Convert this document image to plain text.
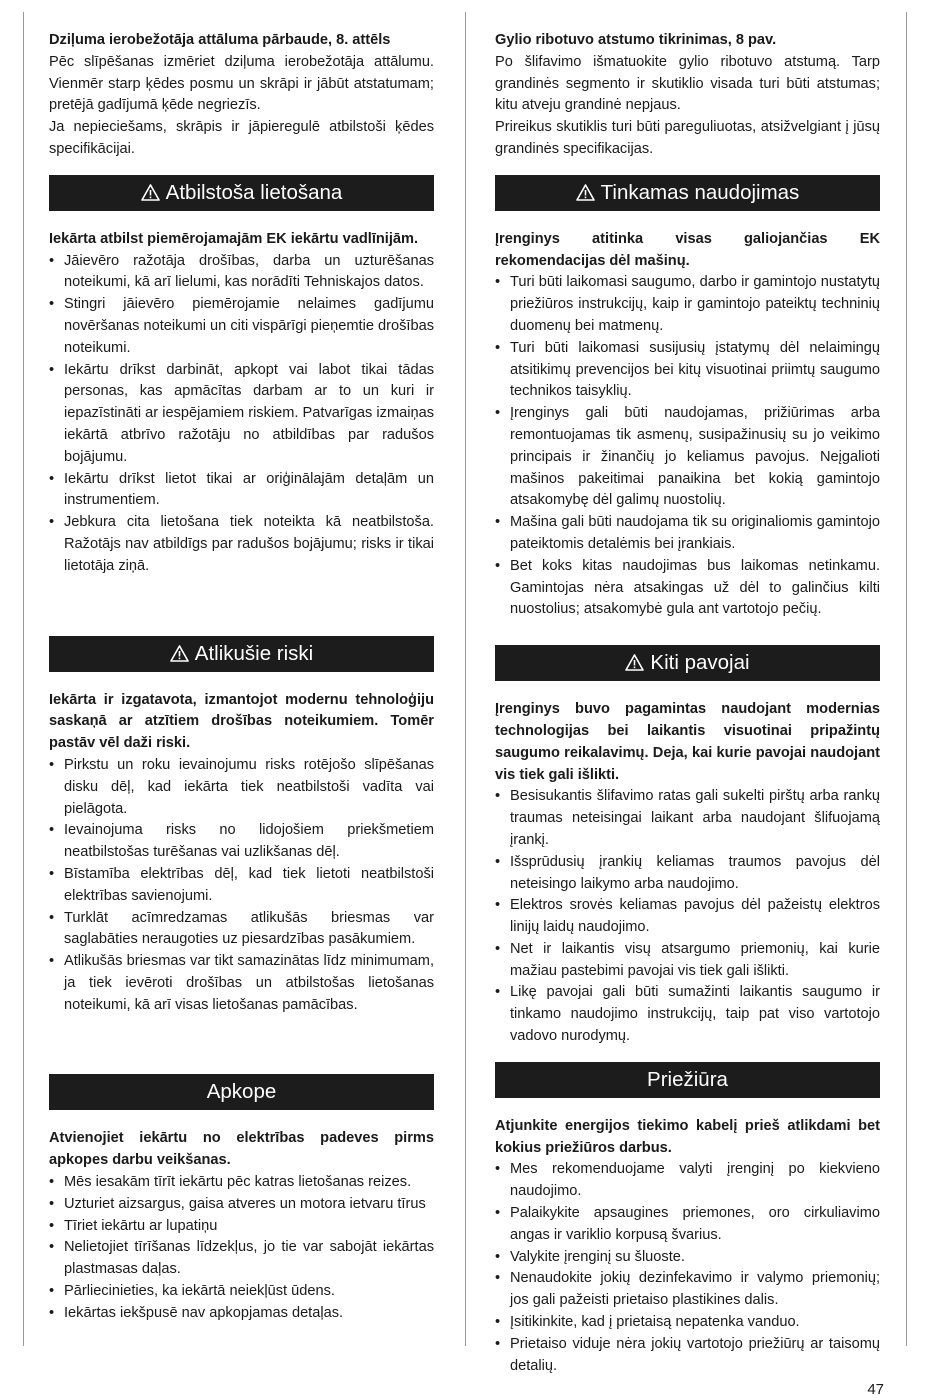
Dziļuma ierobežotāja attāluma pārbaude, 8. attēls

Pēc slīpēšanas izmēriet dziļuma ierobežotāja attālumu. Vienmēr starp ķēdes posmu un skrāpi ir jābūt atstatumam; pretējā gadījumā ķēde negriezīs.

Ja nepieciešams, skrāpis ir jāpieregulē atbilstoši ķēdes specifikācijai.

Atbilstoša lietošana

Iekārta atbilst piemērojamajām EK iekārtu vadlīnijām.

• Jāievēro ražotāja drošības, darba un uzturēšanas noteikumi, kā arī lielumi, kas norādīti Tehniskajos datos.
• Stingri jāievēro piemērojamie nelaimes gadījumu novēršanas noteikumi un citi vispārīgi pieņemtie drošības noteikumi.
• Iekārtu drīkst darbināt, apkopt vai labot tikai tādas personas, kas apmācītas darbam ar to un kuri ir iepazīstināti ar iespējamiem riskiem. Patvarīgas izmaiņas iekārtā atbrīvo ražotāju no atbildības par radušos bojājumu.
• Iekārtu drīkst lietot tikai ar oriģinālajām detaļām un instrumentiem.
• Jebkura cita lietošana tiek noteikta kā neatbilstoša. Ražotājs nav atbildīgs par radušos bojājumu; risks ir tikai lietotāja ziņā.
Atlikušie riski

Iekārta ir izgatavota, izmantojot modernu tehnoloģiju saskaņā ar atzītiem drošības noteikumiem. Tomēr pastāv vēl daži riski.

• Pirkstu un roku ievainojumu risks rotējošo slīpēšanas disku dēļ, kad iekārta tiek neatbilstoši vadīta vai pielāgota.
• Ievainojuma risks no lidojošiem priekšmetiem neatbilstošas turēšanas vai uzlikšanas dēļ.
• Bīstamība elektrības dēļ, kad tiek lietoti neatbilstoši elektrības savienojumi.
• Turklāt acīmredzamas atlikušās briesmas var saglabāties neraugoties uz piesardzības pasākumiem.
• Atlikušās briesmas var tikt samazinātas līdz minimumam, ja tiek ievēroti drošības un atbilstošas lietošanas noteikumi, kā arī visas lietošanas pamācības.
Apkope

Atvienojiet iekārtu no elektrības padeves pirms apkopes darbu veikšanas.

• Mēs iesakām tīrīt iekārtu pēc katras lietošanas reizes.
• Uzturiet aizsargus, gaisa atveres un motora ietvaru tīrus
• Tīriet iekārtu ar lupatiņu
• Nelietojiet tīrīšanas līdzekļus, jo tie var sabojāt iekārtas plastmasas daļas.
• Pārliecinieties, ka iekārtā neiekļūst ūdens.
• Iekārtas iekšpusē nav apkopjamas detaļas.

Gylio ribotuvo atstumo tikrinimas, 8 pav.

Po šlifavimo išmatuokite gylio ribotuvo atstumą. Tarp grandinės segmento ir skutiklio visada turi būti atstumas; kitu atveju grandinė nepjaus.

Prireikus skutiklis turi būti pareguliuotas, atsižvelgiant į jūsų grandinės specifikacijas.

Tinkamas naudojimas

Įrenginys atitinka visas galiojančias EK rekomendacijas dėl mašinų.

• Turi būti laikomasi saugumo, darbo ir gamintojo nustatytų priežiūros instrukcijų, kaip ir gamintojo pateiktų techninių duomenų bei matmenų.
• Turi būti laikomasi susijusių įstatymų dėl nelaimingų atsitikimų prevencijos bei kitų visuotinai priimtų saugumo technikos taisyklių.
• Įrenginys gali būti naudojamas, prižiūrimas arba remontuojamas tik asmenų, susipažinusių su jo veikimo principais ir žinančių jo keliamus pavojus. Neįgalioti mašinos pakeitimai panaikina bet kokią gamintojo atsakomybę dėl galimų nuostolių.
• Mašina gali būti naudojama tik su originaliomis gamintojo pateiktomis detalėmis bei įrankiais.
• Bet koks kitas naudojimas bus laikomas netinkamu. Gamintojas nėra atsakingas už dėl to galinčius kilti nuostolius; atsakomybė gula ant vartotojo pečių.
Kiti pavojai

Įrenginys buvo pagamintas naudojant modernias technologijas bei laikantis visuotinai pripažintų saugumo reikalavimų. Deja, kai kurie pavojai naudojant vis tiek gali išlikti.

• Besisukantis šlifavimo ratas gali sukelti pirštų arba rankų traumas neteisingai laikant arba naudojant šlifuojamą įrankį.
• Išsprūdusių įrankių keliamas traumos pavojus dėl neteisingo laikymo arba naudojimo.
• Elektros srovės keliamas pavojus dėl pažeistų elektros linijų laidų naudojimo.
• Net ir laikantis visų atsargumo priemonių, kai kurie mažiau pastebimi pavojai vis tiek gali išlikti.
• Likę pavojai gali būti sumažinti laikantis saugumo ir tinkamo naudojimo instrukcijų, taip pat viso vartotojo vadovo nurodymų.
Priežiūra

Atjunkite energijos tiekimo kabelį prieš atlikdami bet kokius priežiūros darbus.

• Mes rekomenduojame valyti įrenginį po kiekvieno naudojimo.
• Palaikykite apsaugines priemones, oro cirkuliavimo angas ir variklio korpusą švarius.
• Valykite įrenginį su šluoste.
• Nenaudokite jokių dezinfekavimo ir valymo priemonių; jos gali pažeisti prietaiso plastikines dalis.
• Įsitikinkite, kad į prietaisą nepatenka vanduo.
• Prietaiso viduje nėra jokių vartotojo priežiūrų ar taisomų detalių.
47
